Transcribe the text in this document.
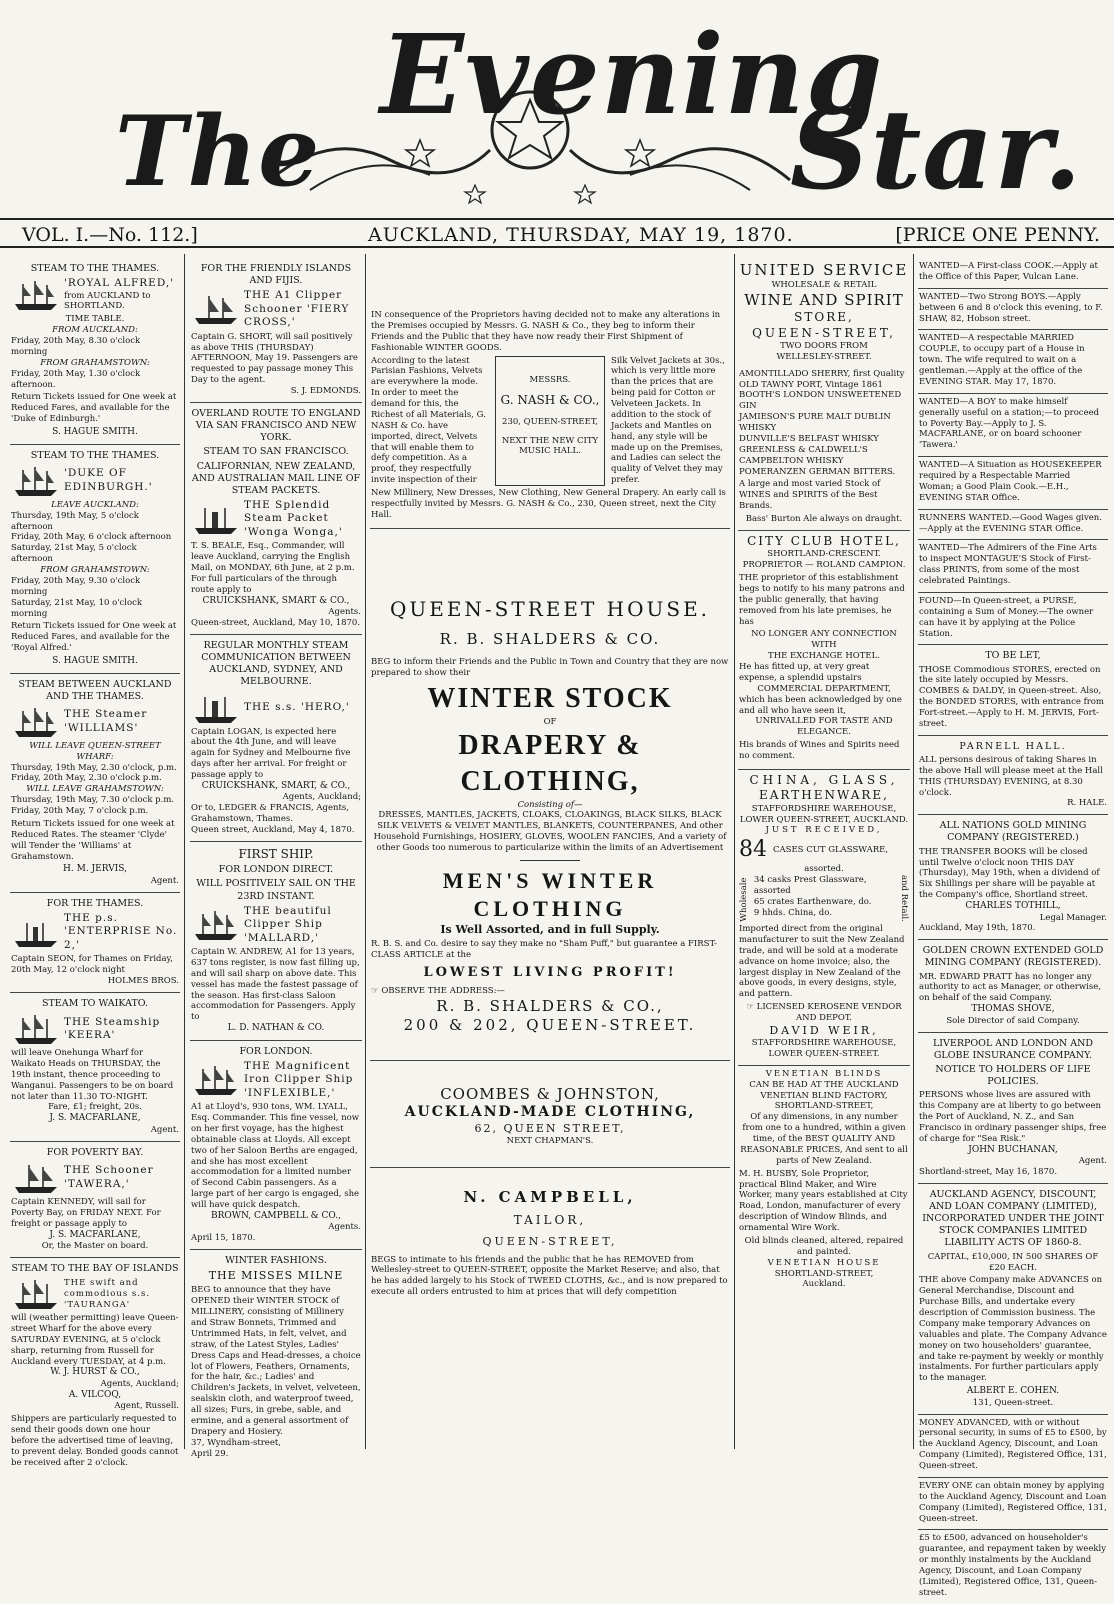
The
Evening
Star.
VOL. I.—No. 112.]	AUCKLAND, THURSDAY, MAY 19, 1870.	[PRICE ONE PENNY.
STEAM TO THE THAMES.
'ROYAL ALFRED,'
from AUCKLAND to SHORTLAND.
TIME TABLE.
FROM AUCKLAND:
Friday, 20th May, 8.30 o'clock morning
FROM GRAHAMSTOWN:
Friday, 20th May, 1.30 o'clock afternoon.
Return Tickets issued for One week at Reduced Fares, and available for the 'Duke of Edinburgh.'
S. HAGUE SMITH.
STEAM TO THE THAMES.
'DUKE OF EDINBURGH.'
LEAVE AUCKLAND:
Thursday, 19th May, 5 o'clock afternoon
Friday, 20th May, 6 o'clock afternoon
Saturday, 21st May, 5 o'clock afternoon
FROM GRAHAMSTOWN:
Friday, 20th May, 9.30 o'clock morning
Saturday, 21st May, 10 o'clock morning
Return Tickets issued for One week at Reduced Fares, and available for the 'Royal Alfred.'
S. HAGUE SMITH.
STEAM BETWEEN AUCKLAND AND THE THAMES.
THE Steamer 'WILLIAMS'
WILL LEAVE QUEEN-STREET WHARF:
Thursday, 19th May, 2.30 o'clock, p.m.
Friday, 20th May, 2.30 o'clock p.m.
WILL LEAVE GRAHAMSTOWN:
Thursday, 19th May, 7.30 o'clock p.m.
Friday, 20th May, 7 o'clock p.m.
Return Tickets issued for one week at Reduced Rates. The steamer 'Clyde' will Tender the 'Williams' at Grahamstown.
H. M. JERVIS,
Agent.
FOR THE THAMES.
THE p.s. 'ENTERPRISE No. 2,'
Captain SEON, for Thames on Friday, 20th May, 12 o'clock night
HOLMES BROS.
STEAM TO WAIKATO.
THE Steamship 'KEERA'
will leave Onehunga Wharf for Waikato Heads on THURSDAY, the 19th instant, thence proceeding to Wanganui. Passengers to be on board not later than 11.30 TO-NIGHT.
Fare, £1; freight, 20s.
J. S. MACFARLANE,
Agent.
FOR POVERTY BAY.
THE Schooner 'TAWERA,'
Captain KENNEDY, will sail for Poverty Bay, on FRIDAY NEXT. For freight or passage apply to
J. S. MACFARLANE,
Or, the Master on board.
STEAM TO THE BAY OF ISLANDS
THE swift and commodious s.s. 'TAURANGA'
will (weather permitting) leave Queen-street Wharf for the above every SATURDAY EVENING, at 5 o'clock sharp, returning from Russell for Auckland every TUESDAY, at 4 p.m.
W. J. HURST & CO.,
Agents, Auckland;
A. VILCOQ,
Agent, Russell.
Shippers are particularly requested to send their goods down one hour before the advertised time of leaving, to prevent delay. Bonded goods cannot be received after 2 o'clock.
FOR THE FRIENDLY ISLANDS AND FIJIS.
THE A1 Clipper Schooner 'FIERY CROSS,'
Captain G. SHORT, will sail positively as above THIS (THURSDAY) AFTERNOON, May 19. Passengers are requested to pay passage money This Day to the agent.
S. J. EDMONDS.
OVERLAND ROUTE TO ENGLAND VIA SAN FRANCISCO AND NEW YORK.
STEAM TO SAN FRANCISCO.
CALIFORNIAN, NEW ZEALAND, AND AUSTRALIAN MAIL LINE OF STEAM PACKETS.
THE Splendid Steam Packet 'Wonga Wonga,'
T. S. BEALE, Esq., Commander, will leave Auckland, carrying the English Mail, on MONDAY, 6th June, at 2 p.m. For full particulars of the through route apply to
CRUICKSHANK, SMART & CO.,
Agents.
Queen-street, Auckland, May 10, 1870.
REGULAR MONTHLY STEAM COMMUNICATION BETWEEN AUCKLAND, SYDNEY, AND MELBOURNE.
THE s.s. 'HERO,'
Captain LOGAN, is expected here about the 4th June, and will leave again for Sydney and Melbourne five days after her arrival. For freight or passage apply to
CRUICKSHANK, SMART, & CO.,
Agents, Auckland;
Or to, LEDGER & FRANCIS, Agents, Grahamstown, Thames.
Queen street, Auckland, May 4, 1870.
FIRST SHIP.
FOR LONDON DIRECT.
WILL POSITIVELY SAIL ON THE 23RD INSTANT.
THE beautiful Clipper Ship 'MALLARD,'
Captain W. ANDREW, A1 for 13 years, 637 tons register, is now fast filling up, and will sail sharp on above date. This vessel has made the fastest passage of the season. Has first-class Saloon accommodation for Passengers. Apply to
L. D. NATHAN & CO.
FOR LONDON.
THE Magnificent Iron Clipper Ship 'INFLEXIBLE,'
A1 at Lloyd's, 930 tons, WM. LYALL, Esq. Commander. This fine vessel, now on her first voyage, has the highest obtainable class at Lloyds. All except two of her Saloon Berths are engaged, and she has most excellent accommodation for a limited number of Second Cabin passengers. As a large part of her cargo is engaged, she will have quick despatch.
BROWN, CAMPBELL & CO.,
Agents.
April 15, 1870.
WINTER FASHIONS.
THE MISSES MILNE
BEG to announce that they have OPENED their WINTER STOCK of MILLINERY, consisting of Millinery and Straw Bonnets, Trimmed and Untrimmed Hats, in felt, velvet, and straw, of the Latest Styles, Ladies' Dress Caps and Head-dresses, a choice lot of Flowers, Feathers, Ornaments, for the hair, &c.; Ladies' and Children's Jackets, in velvet, velveteen, sealskin cloth, and waterproof tweed, all sizes; Furs, in grebe, sable, and ermine, and a general assortment of Drapery and Hosiery.
37, Wyndham-street,
April 29.
IN consequence of the Proprietors having decided not to make any alterations in the Premises occupied by Messrs. G. NASH & Co., they beg to inform their Friends and the Public that they have now ready their First Shipment of Fashionable WINTER GOODS.
According to the latest Parisian Fashions, Velvets are everywhere la mode. In order to meet the demand for this, the Richest of all Materials, G. NASH & Co. have imported, direct, Velvets that will enable them to defy competition. As a proof, they respectfully invite inspection of their
MESSRS.
G. NASH & CO.,
230, QUEEN-STREET,
NEXT THE NEW CITY MUSIC HALL.
Silk Velvet Jackets at 30s., which is very little more than the prices that are being paid for Cotton or Velveteen Jackets. In addition to the stock of Jackets and Mantles on hand, any style will be made up on the Premises, and Ladies can select the quality of Velvet they may prefer.
New Millinery, New Dresses, New Clothing, New General Drapery. An early call is respectfully invited by Messrs. G. NASH & Co., 230, Queen street, next the City Hall.
QUEEN-STREET HOUSE.
R. B. SHALDERS & CO.
BEG to inform their Friends and the Public in Town and Country that they are now prepared to show their
WINTER STOCK
OF
DRAPERY & CLOTHING,
Consisting of—
DRESSES, MANTLES, JACKETS, CLOAKS, CLOAKINGS, BLACK SILKS, BLACK SILK VELVETS & VELVET MANTLES, BLANKETS, COUNTERPANES, And other Household Furnishings, HOSIERY, GLOVES, WOOLEN FANCIES, And a variety of other Goods too numerous to particularize within the limits of an Advertisement
MEN'S WINTER CLOTHING
Is Well Assorted, and in full Supply.
R. B. S. and Co. desire to say they make no "Sham Puff," but guarantee a FIRST-CLASS ARTICLE at the
LOWEST LIVING PROFIT!
☞ OBSERVE THE ADDRESS:—
R. B. SHALDERS & CO.,
200 & 202, QUEEN-STREET.
COOMBES & JOHNSTON,
AUCKLAND-MADE CLOTHING,
62, QUEEN STREET,
NEXT CHAPMAN'S.
N. CAMPBELL,
TAILOR,
QUEEN-STREET,
BEGS to intimate to his friends and the public that he has REMOVED from Wellesley-street to QUEEN-STREET, opposite the Market Reserve; and also, that he has added largely to his Stock of TWEED CLOTHS, &c., and is now prepared to execute all orders entrusted to him at prices that will defy competition
UNITED SERVICE
WHOLESALE & RETAIL
WINE AND SPIRIT
STORE,
QUEEN-STREET,
TWO DOORS FROM
WELLESLEY-STREET.
AMONTILLADO SHERRY, first Quality
OLD TAWNY PORT, Vintage 1861
BOOTH'S LONDON UNSWEETENED GIN
JAMIESON'S PURE MALT DUBLIN WHISKY
DUNVILLE'S BELFAST WHISKY
GREENLESS & CALDWELL'S CAMPBELTON WHISKY
POMERANZEN GERMAN BITTERS.
A large and most varied Stock of WINES and SPIRITS of the Best Brands.
Bass' Burton Ale always on draught.
CITY CLUB HOTEL,
SHORTLAND-CRESCENT.
PROPRIETOR — ROLAND CAMPION.
THE proprietor of this establishment begs to notify to his many patrons and the public generally, that having removed from his late premises, he has
NO LONGER ANY CONNECTION
WITH
THE EXCHANGE HOTEL.
He has fitted up, at very great expense, a splendid upstairs
COMMERCIAL DEPARTMENT,
which has been acknowledged by one and all who have seen it,
UNRIVALLED FOR TASTE AND ELEGANCE.
His brands of Wines and Spirits need no comment.
CHINA, GLASS,
EARTHENWARE,
STAFFORDSHIRE WAREHOUSE,
LOWER QUEEN-STREET, AUCKLAND.
JUST RECEIVED,
84 CASES CUT GLASSWARE,
assorted.
Wholesale 34 casks Prest Glassware, assorted
65 crates Earthenware, do.
9 hhds. China, do.	and Retail.
Imported direct from the original manufacturer to suit the New Zealand trade, and will be sold at a moderate advance on home invoice; also, the largest display in New Zealand of the above goods, in every designs, style, and pattern.
☞ LICENSED KEROSENE VENDOR AND DEPOT.
DAVID WEIR,
STAFFORDSHIRE WAREHOUSE,
LOWER QUEEN-STREET.
VENETIAN BLINDS
CAN BE HAD AT THE AUCKLAND
VENETIAN BLIND FACTORY,
SHORTLAND-STREET,
Of any dimensions, in any number from one to a hundred, within a given time, of the BEST QUALITY AND REASONABLE PRICES, And sent to all parts of New Zealand.
M. H. BUSBY, Sole Proprietor, practical Blind Maker, and Wire Worker, many years established at City Road, London, manufacturer of every description of Window Blinds, and ornamental Wire Work.
Old blinds cleaned, altered, repaired and painted.
VENETIAN HOUSE
SHORTLAND-STREET,
Auckland.
WANTED—A First-class COOK.—Apply at the Office of this Paper, Vulcan Lane.
WANTED—Two Strong BOYS.—Apply between 6 and 8 o'clock this evening, to F. SHAW, 82, Hobson street.
WANTED—A respectable MARRIED COUPLE, to occupy part of a House in town. The wife required to wait on a gentleman.—Apply at the office of the EVENING STAR. May 17, 1870.
WANTED—A BOY to make himself generally useful on a station;—to proceed to Poverty Bay.—Apply to J. S. MACFARLANE, or on board schooner 'Tawera.'
WANTED—A Situation as HOUSEKEEPER required by a Respectable Married Woman; a Good Plain Cook.—E.H., EVENING STAR Office.
RUNNERS WANTED.—Good Wages given.—Apply at the EVENING STAR Office.
WANTED—The Admirers of the Fine Arts to inspect MONTAGUE'S Stock of First-class PRINTS, from some of the most celebrated Paintings.
FOUND—In Queen-street, a PURSE, containing a Sum of Money.—The owner can have it by applying at the Police Station.
TO BE LET,
THOSE Commodious STORES, erected on the site lately occupied by Messrs. COMBES & DALDY, in Queen-street. Also, the BONDED STORES, with entrance from Fort-street.—Apply to H. M. JERVIS, Fort-street.
PARNELL HALL.
ALL persons desirous of taking Shares in the above Hall will please meet at the Hall THIS (THURSDAY) EVENING, at 8.30 o'clock.
R. HALE.
ALL NATIONS GOLD MINING COMPANY (REGISTERED.)
THE TRANSFER BOOKS will be closed until Twelve o'clock noon THIS DAY (Thursday), May 19th, when a dividend of Six Shillings per share will be payable at the Company's office, Shortland street.
CHARLES TOTHILL,
Legal Manager.
Auckland, May 19th, 1870.
GOLDEN CROWN EXTENDED GOLD MINING COMPANY (REGISTERED).
MR. EDWARD PRATT has no longer any authority to act as Manager, or otherwise, on behalf of the said Company.
THOMAS SHOVE,
Sole Director of said Company.
LIVERPOOL AND LONDON AND GLOBE INSURANCE COMPANY.
NOTICE TO HOLDERS OF LIFE POLICIES.
PERSONS whose lives are assured with this Company are at liberty to go between the Port of Auckland, N. Z., and San Francisco in ordinary passenger ships, free of charge for "Sea Risk."
JOHN BUCHANAN,
Agent.
Shortland-street, May 16, 1870.
AUCKLAND AGENCY, DISCOUNT, AND LOAN COMPANY (LIMITED), INCORPORATED UNDER THE JOINT STOCK COMPANIES LIMITED LIABILITY ACTS OF 1860-8.
CAPITAL, £10,000, IN 500 SHARES OF £20 EACH.
THE above Company make ADVANCES on General Merchandise, Discount and Purchase Bills, and undertake every description of Commission business. The Company make temporary Advances on valuables and plate. The Company Advance money on two householders' guarantee, and take re-payment by weekly or monthly instalments. For further particulars apply to the manager.
ALBERT E. COHEN.
131, Queen-street.
MONEY ADVANCED, with or without personal security, in sums of £5 to £500, by the Auckland Agency, Discount, and Loan Company (Limited), Registered Office, 131, Queen-street.
EVERY ONE can obtain money by applying to the Auckland Agency, Discount and Loan Company (Limited), Registered Office, 131, Queen-street.
£5 to £500, advanced on householder's guarantee, and repayment taken by weekly or monthly instalments by the Auckland Agency, Discount, and Loan Company (Limited), Registered Office, 131, Queen-street.
